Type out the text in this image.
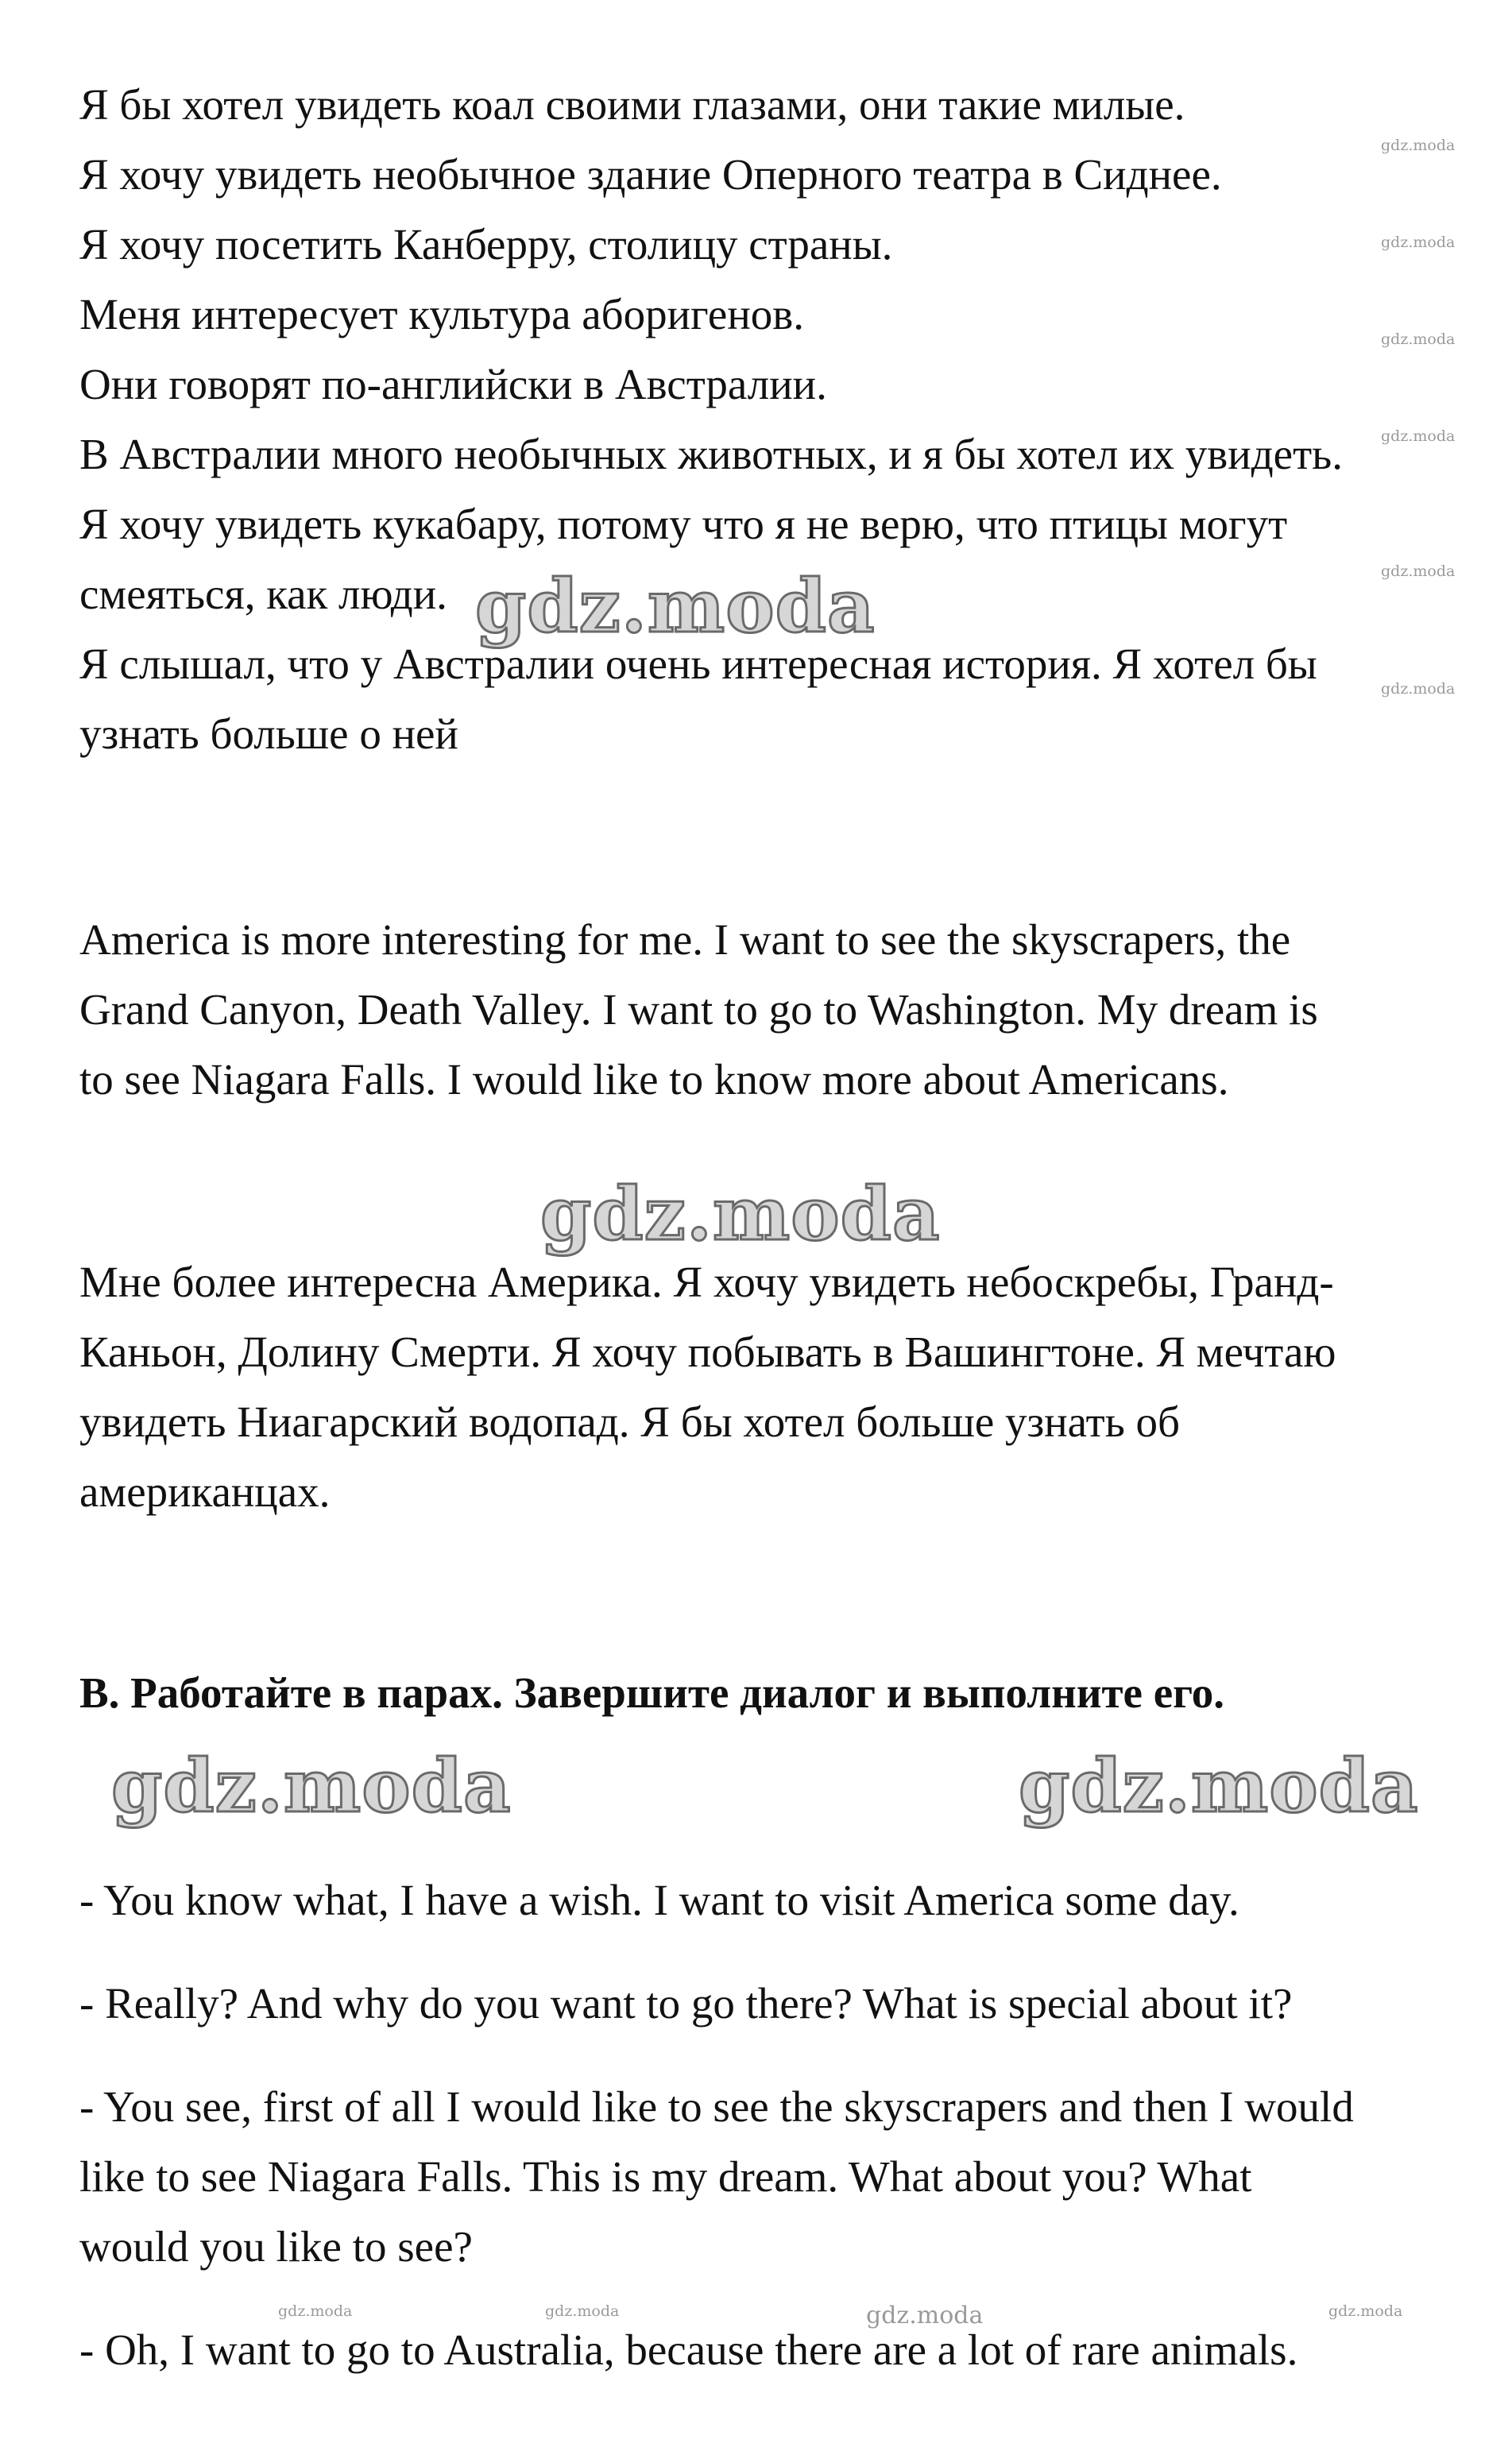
Я бы хотел увидеть коал своими глазами, они такие милые.

Я хочу увидеть необычное здание Оперного театра в Сиднее.

Я хочу посетить Канберру, столицу страны.

Меня интересует культура аборигенов.

Они говорят по-английски в Австралии.

В Австралии много необычных животных, и я бы хотел их увидеть.

Я хочу увидеть кукабару, потому что я не верю, что птицы могут

смеяться, как люди.

Я слышал, что у Австралии очень интересная история. Я хотел бы

узнать больше о ней

America is more interesting for me. I want to see the skyscrapers, the

Grand Canyon, Death Valley. I want to go to Washington. My dream is

to see Niagara Falls. I would like to know more about Americans.

Мне более интересна Америка. Я хочу увидеть небоскребы, Гранд-

Каньон, Долину Смерти. Я хочу побывать в Вашингтоне. Я мечтаю

увидеть Ниагарский водопад. Я бы хотел больше узнать об

американцах.

B. Работайте в парах. Завершите диалог и выполните его.

- You know what, I have a wish. I want to visit America some day.

- Really? And why do you want to go there? What is special about it?

- You see, first of all I would like to see the skyscrapers and then I would

like to see Niagara Falls. This is my dream. What about you? What

would you like to see?

- Oh, I want to go to Australia, because there are a lot of rare animals.

gdz.moda
gdz.moda
gdz.moda	gdz.moda
gdz.moda
gdz.moda
gdz.moda
gdz.moda
gdz.moda
gdz.moda
gdz.moda	gdz.moda	gdz.moda	gdz.moda
